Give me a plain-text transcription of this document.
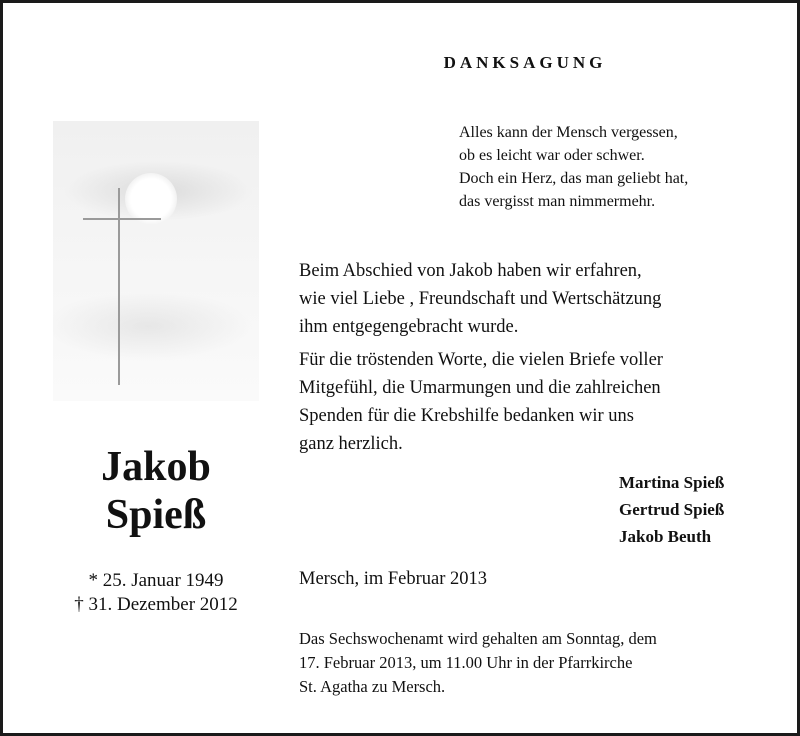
DANKSAGUNG
Jakob
Spieß
* 25. Januar 1949
† 31. Dezember 2012
Alles kann der Mensch vergessen,
ob es leicht war oder schwer.
Doch ein Herz, das man geliebt hat,
das vergisst man nimmermehr.
Beim Abschied von Jakob haben wir erfahren,
wie viel Liebe , Freundschaft und Wertschätzung
ihm entgegengebracht wurde.
Für die tröstenden Worte, die vielen Briefe voller
Mitgefühl, die Umarmungen und die zahlreichen
Spenden für die Krebshilfe bedanken wir uns
ganz herzlich.
Martina Spieß
Gertrud Spieß
Jakob Beuth
Mersch, im Februar 2013
Das Sechswochenamt wird gehalten am Sonntag, dem
17. Februar 2013, um 11.00 Uhr in der Pfarrkirche
St. Agatha zu Mersch.
